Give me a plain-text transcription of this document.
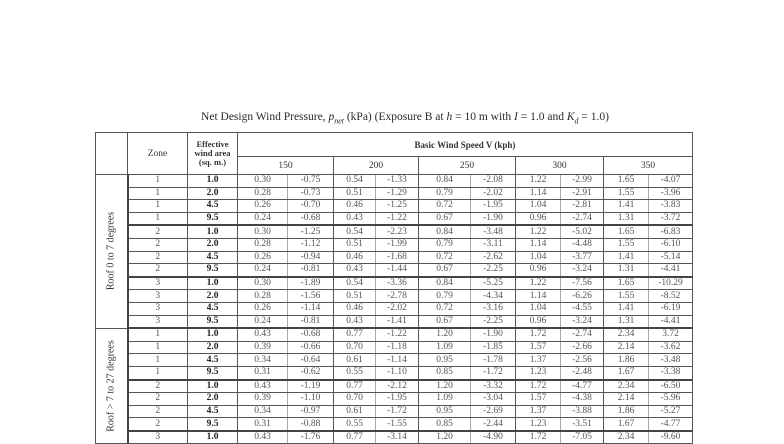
Net Design Wind Pressure, $p_{net}$ (kPa) (Exposure B at h = 10 m with I = 1.0 and $K_d = 1.0$)
	Zone	Effective wind area (sq. m.)	Basic Wind Speed V (kph)									
			150		200		250		300		350	

Roof 0 to 7 degrees	1	1.0	0.30	-0.75	0.54	-1.33	0.84	-2.08	1.22	-2.99	1.65	-4.07
	1	2.0	0.28	-0.73	0.51	-1.29	0.79	-2.02	1.14	-2.91	1.55	-3.96
	1	4.5	0.26	-0.70	0.46	-1.25	0.72	-1.95	1.04	-2.81	1.41	-3.83
	1	9.5	0.24	-0.68	0.43	-1.22	0.67	-1.90	0.96	-2.74	1.31	-3.72
	2	1.0	0.30	-1.25	0.54	-2.23	0.84	-3.48	1.22	-5.02	1.65	-6.83
	2	2.0	0.28	-1.12	0.51	-1.99	0.79	-3.11	1.14	-4.48	1.55	-6.10
	2	4.5	0.26	-0.94	0.46	-1.68	0.72	-2.62	1.04	-3.77	1.41	-5.14
	2	9.5	0.24	-0.81	0.43	-1.44	0.67	-2.25	0.96	-3.24	1.31	-4.41
	3	1.0	0.30	-1.89	0.54	-3.36	0.84	-5.25	1.22	-7.56	1.65	-10.29
	3	2.0	0.28	-1.56	0.51	-2.78	0.79	-4.34	1.14	-6.26	1.55	-8.52
	3	4.5	0.26	-1.14	0.46	-2.02	0.72	-3.16	1.04	-4.55	1.41	-6.19
	3	9.5	0.24	-0.81	0.43	-1.41	0.67	-2.25	0.96	-3.24	1.31	-4.41

Roof > 7 to 27 degrees	1	1.0	0.43	-0.68	0.77	-1.22	1.20	-1.90	1.72	-2.74	2.34	3.72
	1	2.0	0.39	-0.66	0.70	-1.18	1.09	-1.85	1.57	-2.66	2.14	-3.62
	1	4.5	0.34	-0.64	0.61	-1.14	0.95	-1.78	1.37	-2.56	1.86	-3.48
	1	9.5	0.31	-0.62	0.55	-1.10	0.85	-1.72	1.23	-2.48	1.67	-3.38
	2	1.0	0.43	-1.19	0.77	-2.12	1.20	-3.32	1.72	-4.77	2.34	-6.50
	2	2.0	0.39	-1.10	0.70	-1.95	1.09	-3.04	1.57	-4.38	2.14	-5.96
	2	4.5	0.34	-0.97	0.61	-1.72	0.95	-2.69	1.37	-3.88	1.86	-5.27
	2	9.5	0.31	-0.88	0.55	-1.55	0.85	-2.44	1.23	-3.51	1.67	-4.77
	3	1.0	0.43	-1.76	0.77	-3.14	1.20	-4.90	1.72	-7.05	2.34	-9.60
